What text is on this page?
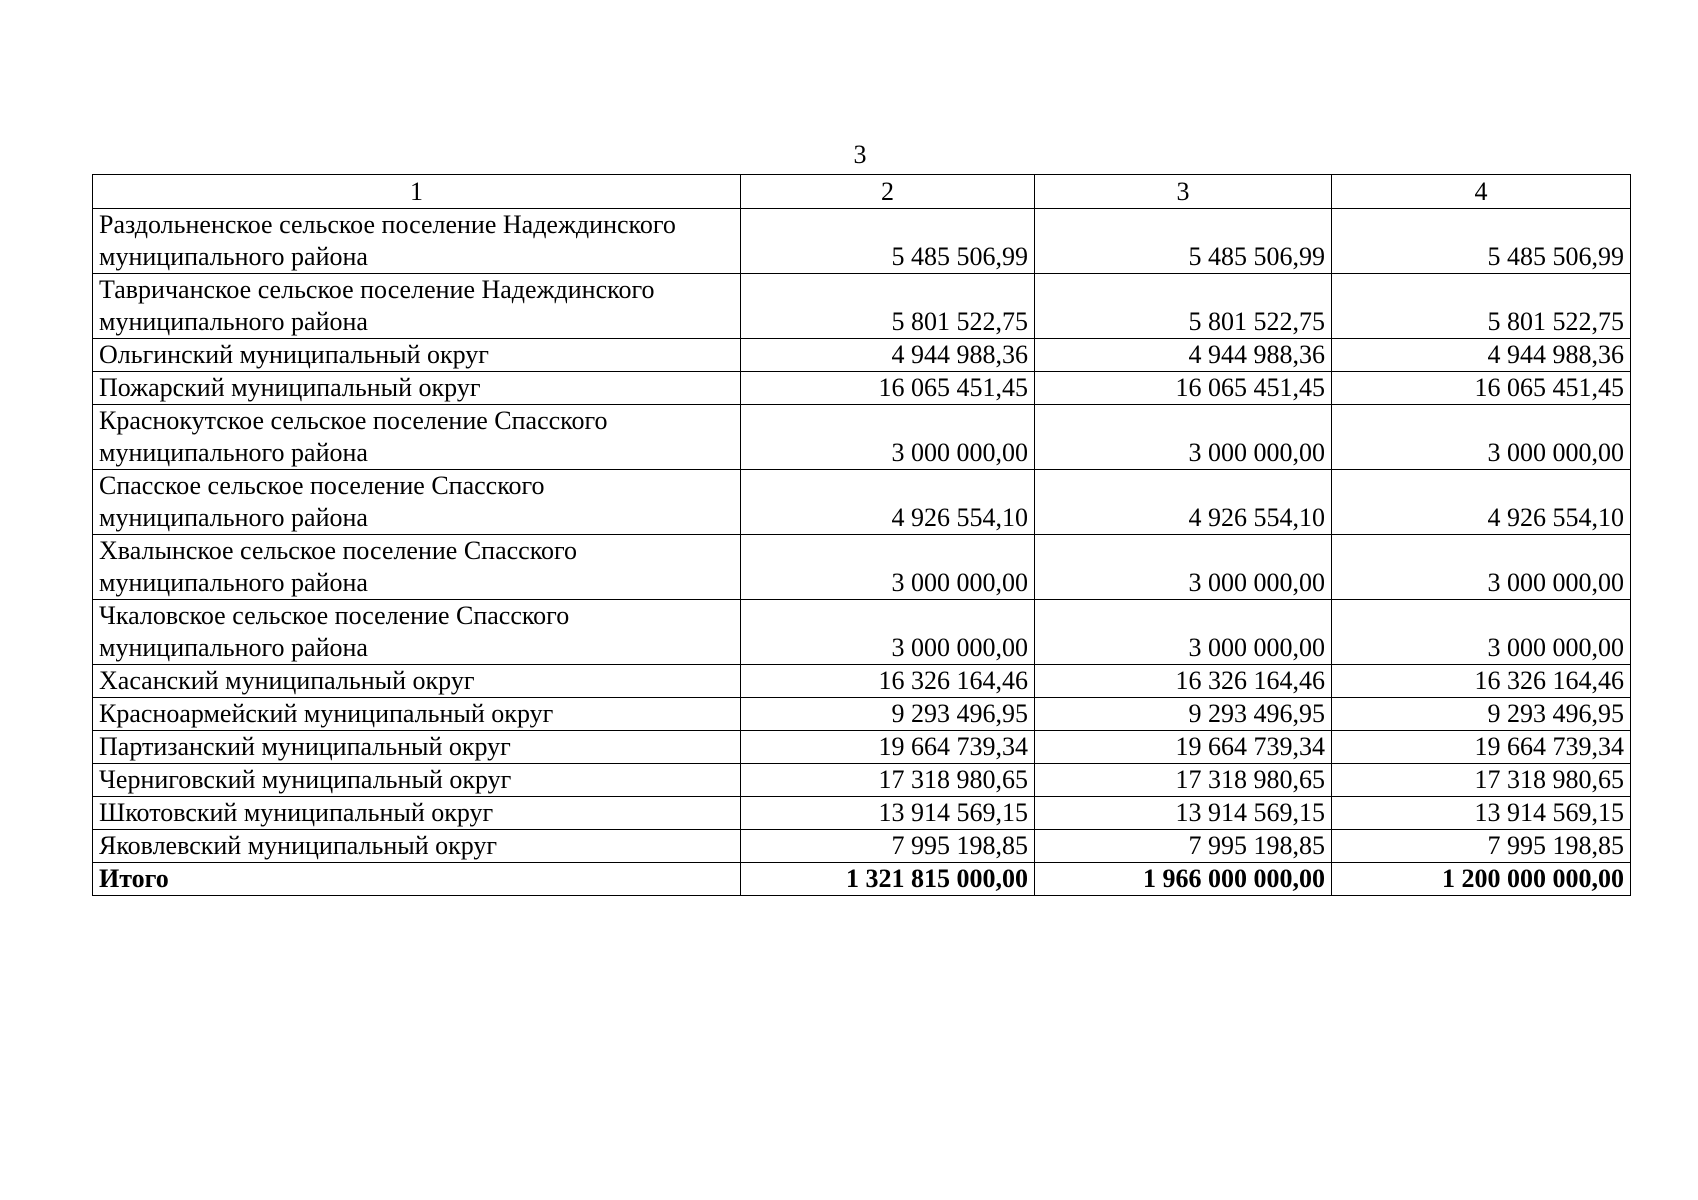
3
1	2	3	4
Раздольненское сельское поселение Надеждинского муниципального района	5 485 506,99	5 485 506,99	5 485 506,99
Тавричанское сельское поселение Надеждинского муниципального района	5 801 522,75	5 801 522,75	5 801 522,75
Ольгинский муниципальный округ	4 944 988,36	4 944 988,36	4 944 988,36
Пожарский муниципальный округ	16 065 451,45	16 065 451,45	16 065 451,45
Краснокутское сельское поселение Спасского муниципального района	3 000 000,00	3 000 000,00	3 000 000,00
Спасское сельское поселение Спасского муниципального района	4 926 554,10	4 926 554,10	4 926 554,10
Хвалынское сельское поселение Спасского муниципального района	3 000 000,00	3 000 000,00	3 000 000,00
Чкаловское сельское поселение Спасского муниципального района	3 000 000,00	3 000 000,00	3 000 000,00
Хасанский муниципальный округ	16 326 164,46	16 326 164,46	16 326 164,46
Красноармейский муниципальный округ	9 293 496,95	9 293 496,95	9 293 496,95
Партизанский муниципальный округ	19 664 739,34	19 664 739,34	19 664 739,34
Черниговский муниципальный округ	17 318 980,65	17 318 980,65	17 318 980,65
Шкотовский муниципальный округ	13 914 569,15	13 914 569,15	13 914 569,15
Яковлевский муниципальный округ	7 995 198,85	7 995 198,85	7 995 198,85
Итого	1 321 815 000,00	1 966 000 000,00	1 200 000 000,00
